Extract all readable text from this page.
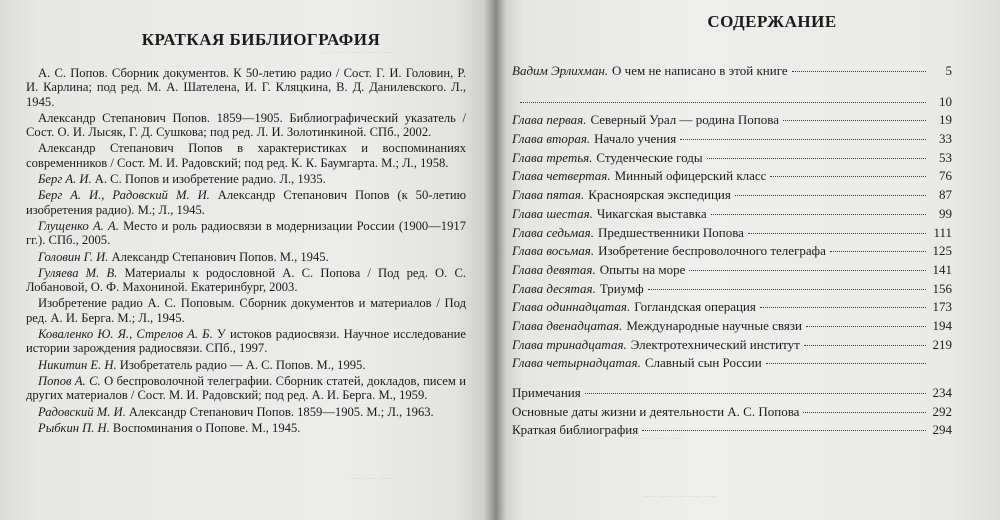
— — — — —
— — —
— — — —
— — — — —
КРАТКАЯ БИБЛИОГРАФИЯ
А. С. Попов. Сборник документов. К 50-летию радио / Сост. Г. И. Головин, Р. И. Карлина; под ред. М. А. Шателена, И. Г. Кляцкина, В. Д. Данилевского. Л., 1945.
Александр Степанович Попов. 1859—1905. Библиографический указатель / Сост. О. И. Лысяк, Г. Д. Сушкова; под ред. Л. И. Золотинкиной. СПб., 2002.
Александр Степанович Попов в характеристиках и воспоминаниях современников / Сост. М. И. Радовский; под ред. К. К. Баумгарта. М.; Л., 1958.
Берг А. И. А. С. Попов и изобретение радио. Л., 1935.
Берг А. И., Радовский М. И. Александр Степанович Попов (к 50-летию изобретения радио). М.; Л., 1945.
Глущенко А. А. Место и роль радиосвязи в модернизации России (1900—1917 гг.). СПб., 2005.
Головин Г. И. Александр Степанович Попов. М., 1945.
Гуляева М. В. Материалы к родословной А. С. Попова / Под ред. О. С. Лобановой, О. Ф. Махониной. Екатеринбург, 2003.
Изобретение радио А. С. Поповым. Сборник документов и материалов / Под ред. А. И. Берга. М.; Л., 1945.
Коваленко Ю. Я., Стрелов А. Б. У истоков радиосвязи. Научное исследование истории зарождения радиосвязи. СПб., 1997.
Никитин Е. Н. Изобретатель радио — А. С. Попов. М., 1995.
Попов А. С. О беспроволочной телеграфии. Сборник статей, докладов, писем и других материалов / Сост. М. И. Радовский; под ред. А. И. Берга. М., 1959.
Радовский М. И. Александр Степанович Попов. 1859—1905. М.; Л., 1963.
Рыбкин П. Н. Воспоминания о Попове. М., 1945.
СОДЕРЖАНИЕ
Вадим Эрлихман. О чем не написано в этой книге	5
10
Глава первая. Северный Урал — родина Попова	19
Глава вторая. Начало учения	33
Глава третья. Студенческие годы	53
Глава четвертая. Минный офицерский класс	76
Глава пятая. Красноярская экспедиция	87
Глава шестая. Чикагская выставка	99
Глава седьмая. Предшественники Попова	111
Глава восьмая. Изобретение беспроволочного телеграфа	125
Глава девятая. Опыты на море	141
Глава десятая. Триумф	156
Глава одиннадцатая. Гогландская операция	173
Глава двенадцатая. Международные научные связи	194
Глава тринадцатая. Электротехнический институт	219
Глава четырнадцатая. Славный сын России
Примечания	234
Основные даты жизни и деятельности А. С. Попова	292
Краткая библиография	294
